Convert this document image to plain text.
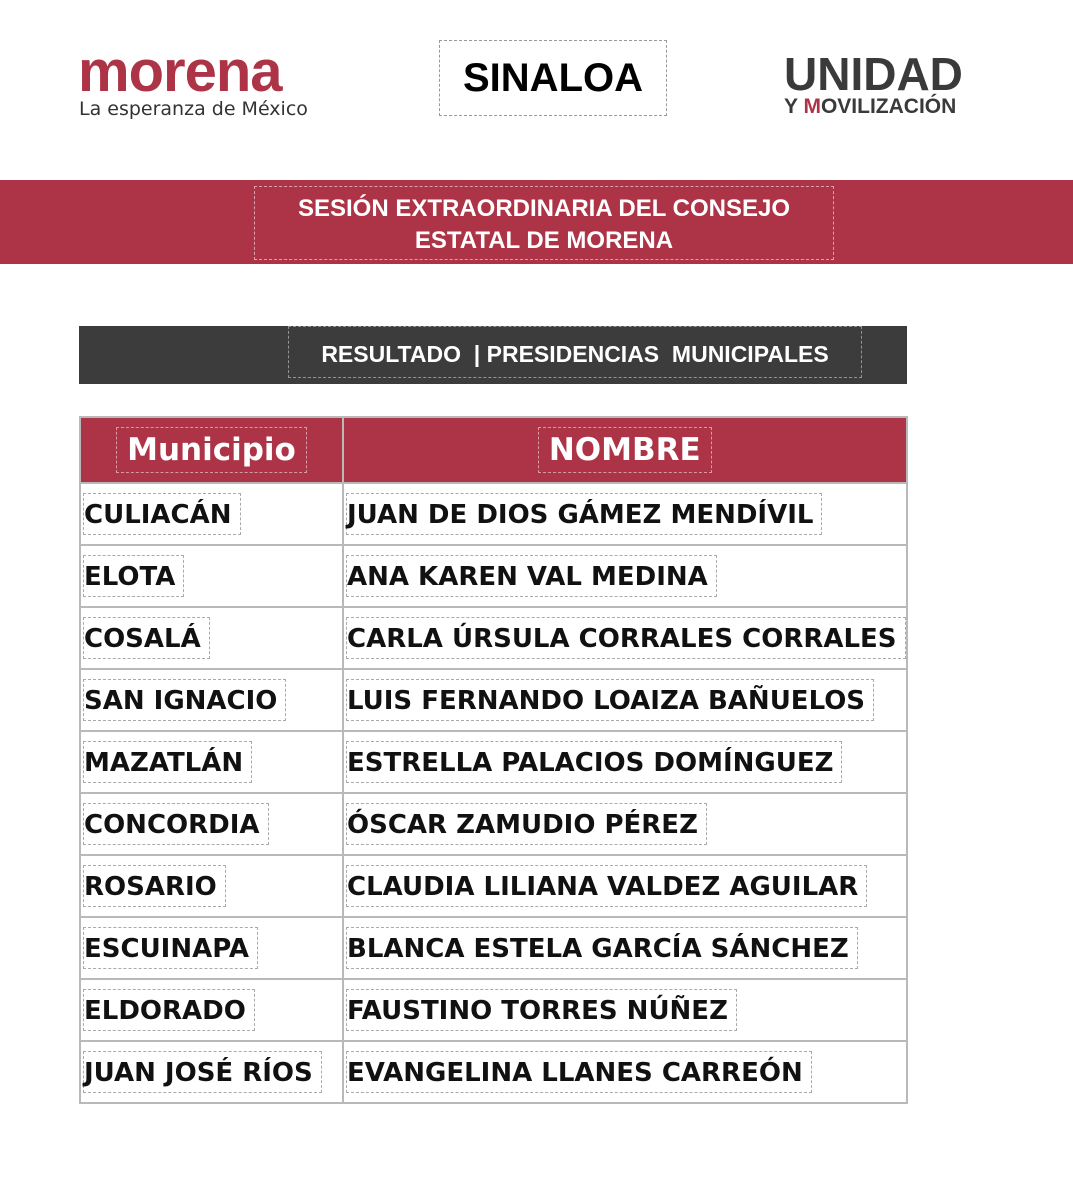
morena
La esperanza de México
SINALOA	UNIDAD
Y MOVILIZACIÓN
SESIÓN EXTRAORDINARIA DEL CONSEJO
ESTATAL DE MORENA
RESULTADO  | PRESIDENCIAS  MUNICIPALES
Municipio	NOMBRE
CULIACÁN	JUAN DE DIOS GÁMEZ MENDÍVIL
ELOTA	ANA KAREN VAL MEDINA
COSALÁ	CARLA ÚRSULA CORRALES CORRALES
SAN IGNACIO	LUIS FERNANDO LOAIZA BAÑUELOS
MAZATLÁN	ESTRELLA PALACIOS DOMÍNGUEZ
CONCORDIA	ÓSCAR ZAMUDIO PÉREZ
ROSARIO	CLAUDIA LILIANA VALDEZ AGUILAR
ESCUINAPA	BLANCA ESTELA GARCÍA SÁNCHEZ
ELDORADO	FAUSTINO TORRES NÚÑEZ
JUAN JOSÉ RÍOS	EVANGELINA LLANES CARREÓN
